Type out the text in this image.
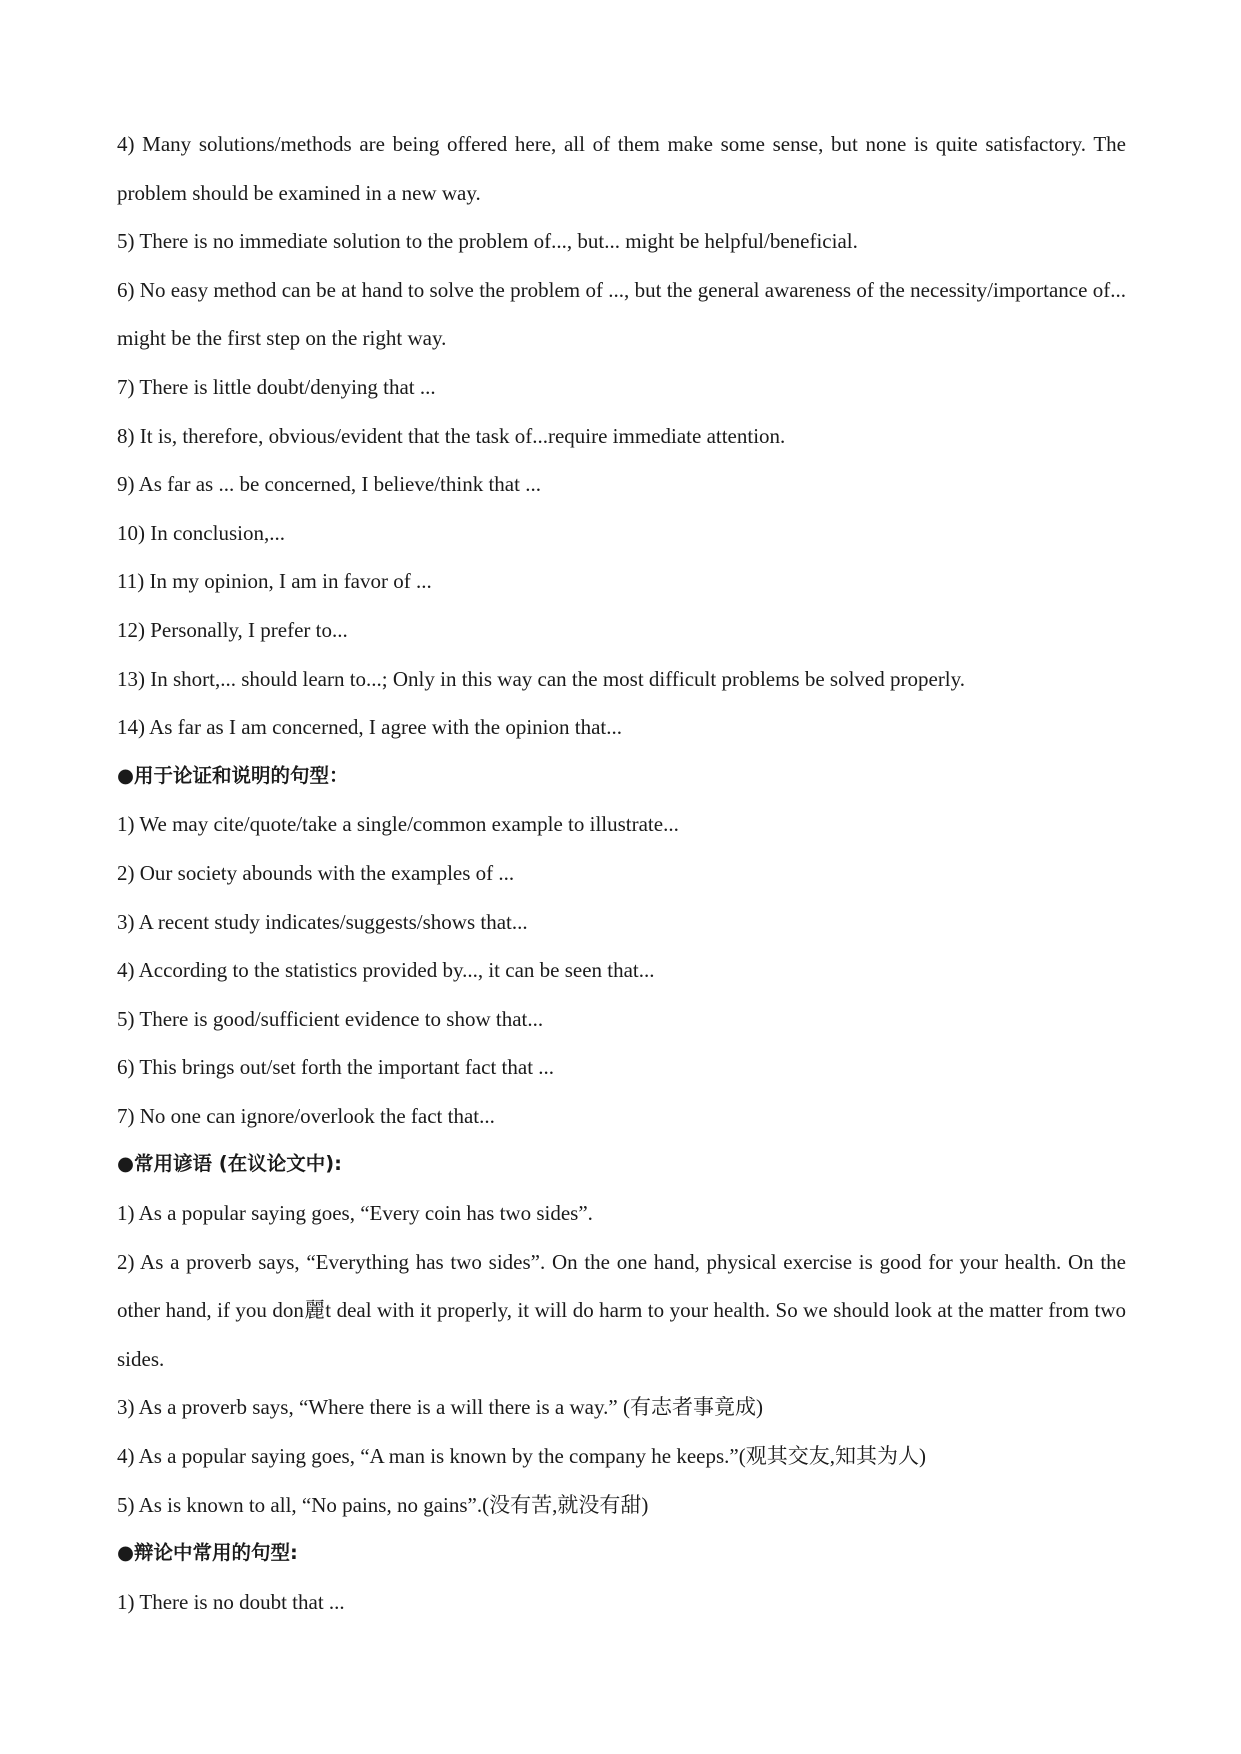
4) Many solutions/methods are being offered here, all of them make some sense, but none is quite satisfactory. The problem should be examined in a new way.

5) There is no immediate solution to the problem of..., but... might be helpful/beneficial.

6) No easy method can be at hand to solve the problem of ..., but the general awareness of the necessity/importance of... might be the first step on the right way.

7) There is little doubt/denying that ...

8) It is, therefore, obvious/evident that the task of...require immediate attention.

9) As far as ... be concerned, I believe/think that ...

10) In conclusion,...

11) In my opinion, I am in favor of ...

12) Personally, I prefer to...

13) In short,... should learn to...; Only in this way can the most difficult problems be solved properly.

14) As far as I am concerned, I agree with the opinion that...

●用于论证和说明的句型：

1) We may cite/quote/take a single/common example to illustrate...

2) Our society abounds with the examples of ...

3) A recent study indicates/suggests/shows that...

4) According to the statistics provided by..., it can be seen that...

5) There is good/sufficient evidence to show that...

6) This brings out/set forth the important fact that ...

7) No one can ignore/overlook the fact that...

●常用谚语 (在议论文中):

1) As a popular saying goes, “Every coin has two sides”.

2) As a proverb says, “Everything has two sides”. On the one hand, physical exercise is good for your health. On the other hand, if you don麗t deal with it properly, it will do harm to your health. So we should look at the matter from two sides.

3) As a proverb says, “Where there is a will there is a way.” (有志者事竟成)

4) As a popular saying goes, “A man is known by the company he keeps.”(观其交友,知其为人)

5) As is known to all, “No pains, no gains”.(没有苦,就没有甜)

●辩论中常用的句型:

1) There is no doubt that ...
